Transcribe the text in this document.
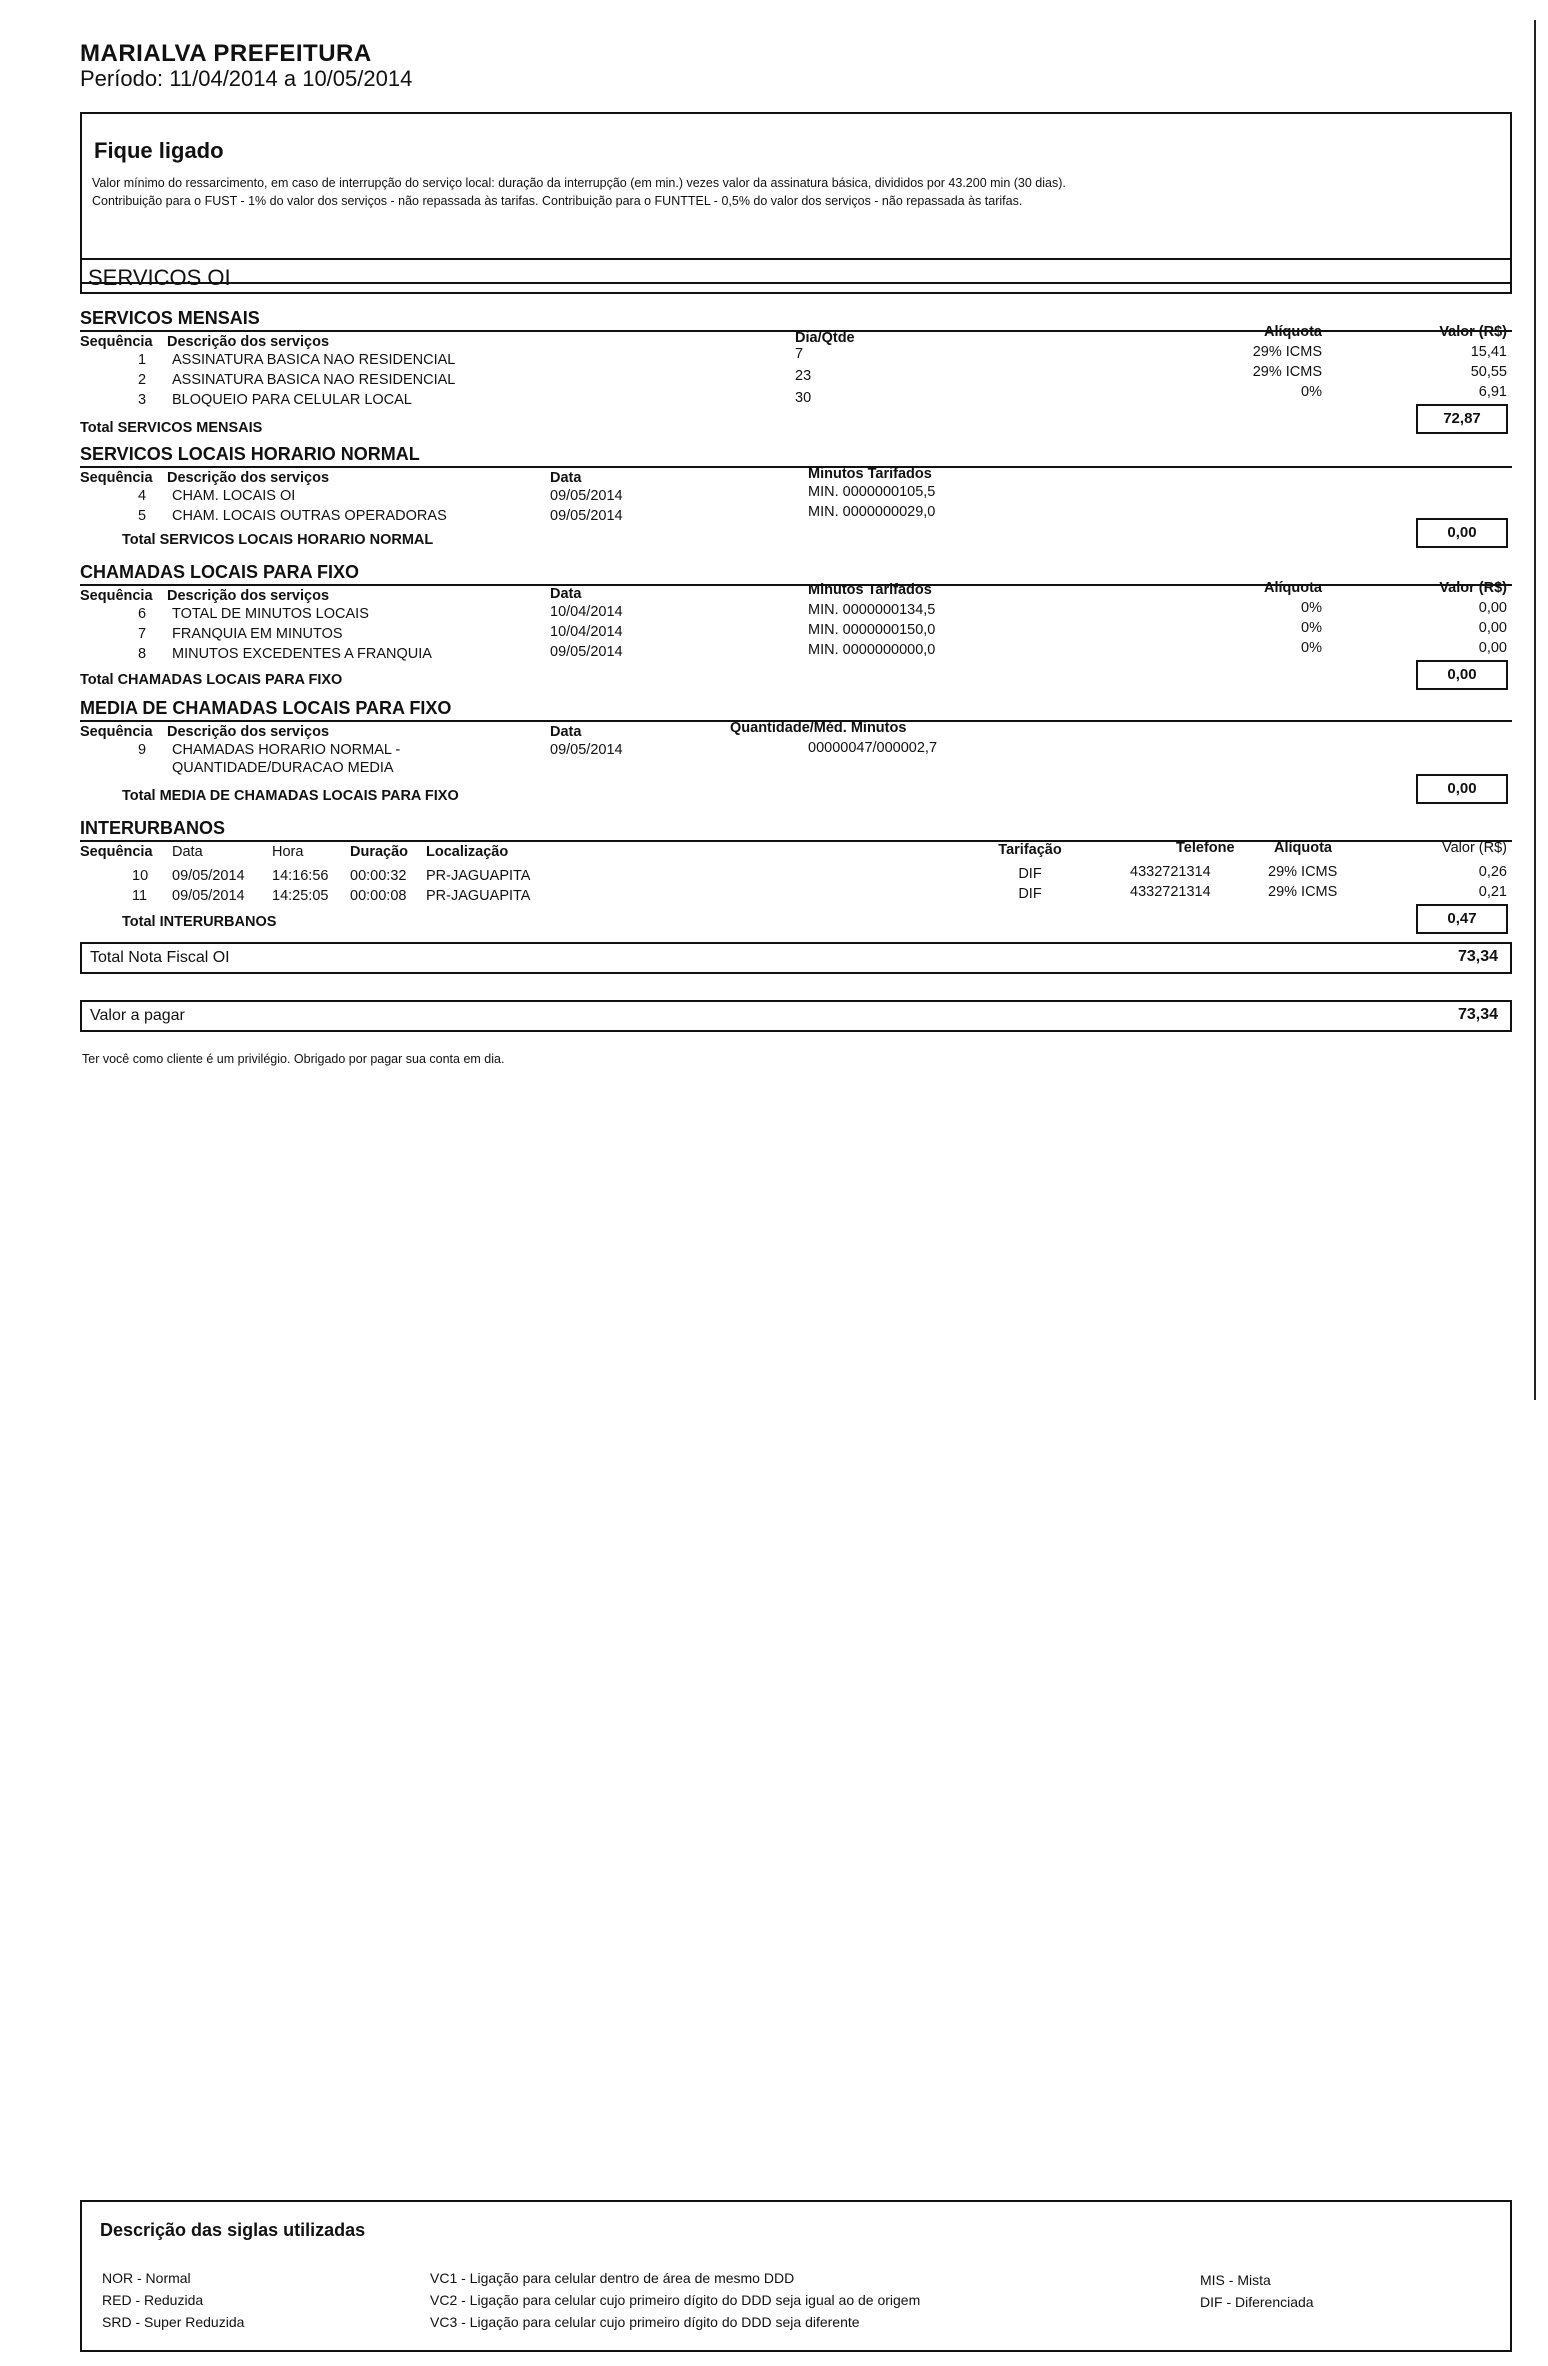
MARIALVA PREFEITURA
Período: 11/04/2014 a 10/05/2014
Fique ligado
Valor mínimo do ressarcimento, em caso de interrupção do serviço local: duração da interrupção (em min.) vezes valor da assinatura básica, divididos por 43.200 min (30 dias).
Contribuição para o FUST - 1% do valor dos serviços - não repassada às tarifas. Contribuição para o FUNTTEL - 0,5% do valor dos serviços - não repassada às tarifas.
SERVICOS OI
SERVICOS MENSAIS
Sequência Descrição dos serviços	Dia/Qtde	Alíquota	Valor (R$)
1 ASSINATURA BASICA NAO RESIDENCIAL	7	29% ICMS	15,41
2 ASSINATURA BASICA NAO RESIDENCIAL	23	29% ICMS	50,55
3 BLOQUEIO PARA CELULAR LOCAL	30	0%	6,91
Total SERVICOS MENSAIS
72,87
SERVICOS LOCAIS HORARIO NORMAL
Sequência Descrição dos serviços	Data	Minutos Tarifados
4 CHAM. LOCAIS OI	09/05/2014	MIN. 0000000105,5
5 CHAM. LOCAIS OUTRAS OPERADORAS	09/05/2014	MIN. 0000000029,0
Total SERVICOS LOCAIS HORARIO NORMAL	0,00
CHAMADAS LOCAIS PARA FIXO
Sequência Descrição dos serviços	Data	Minutos Tarifados	Alíquota	Valor (R$)
6 TOTAL DE MINUTOS LOCAIS	10/04/2014	MIN. 0000000134,5	0%	0,00
7 FRANQUIA EM MINUTOS	10/04/2014	MIN. 0000000150,0	0%	0,00
8 MINUTOS EXCEDENTES A FRANQUIA	09/05/2014	MIN. 0000000000,0	0%	0,00
Total CHAMADAS LOCAIS PARA FIXO	0,00
MEDIA DE CHAMADAS LOCAIS PARA FIXO
Sequência Descrição dos serviços	Data	Quantidade/Méd. Minutos
9 CHAMADAS HORARIO NORMAL -
QUANTIDADE/DURACAO MEDIA
09/05/2014	00000047/000002,7
Total MEDIA DE CHAMADAS LOCAIS PARA FIXO	0,00
INTERURBANOS
Sequência Data	Hora	Duração Localização	Tarifação	Telefone	Alíquota	Valor (R$)
10 09/05/2014 14:16:56 00:00:32 PR-JAGUAPITA	DIF	4332721314	29% ICMS	0,26
11 09/05/2014 14:25:05 00:00:08 PR-JAGUAPITA	DIF	4332721314	29% ICMS	0,21
Total INTERURBANOS	0,47
Total Nota Fiscal OI	73,34
Valor a pagar	73,34
Ter você como cliente é um privilégio. Obrigado por pagar sua conta em dia.
Descrição das siglas utilizadas
NOR - Normal
RED - Reduzida
SRD - Super Reduzida
VC1 - Ligação para celular dentro de área de mesmo DDD
VC2 - Ligação para celular cujo primeiro dígito do DDD seja igual ao de origem
VC3 - Ligação para celular cujo primeiro dígito do DDD seja diferente
MIS - Mista
DIF - Diferenciada
